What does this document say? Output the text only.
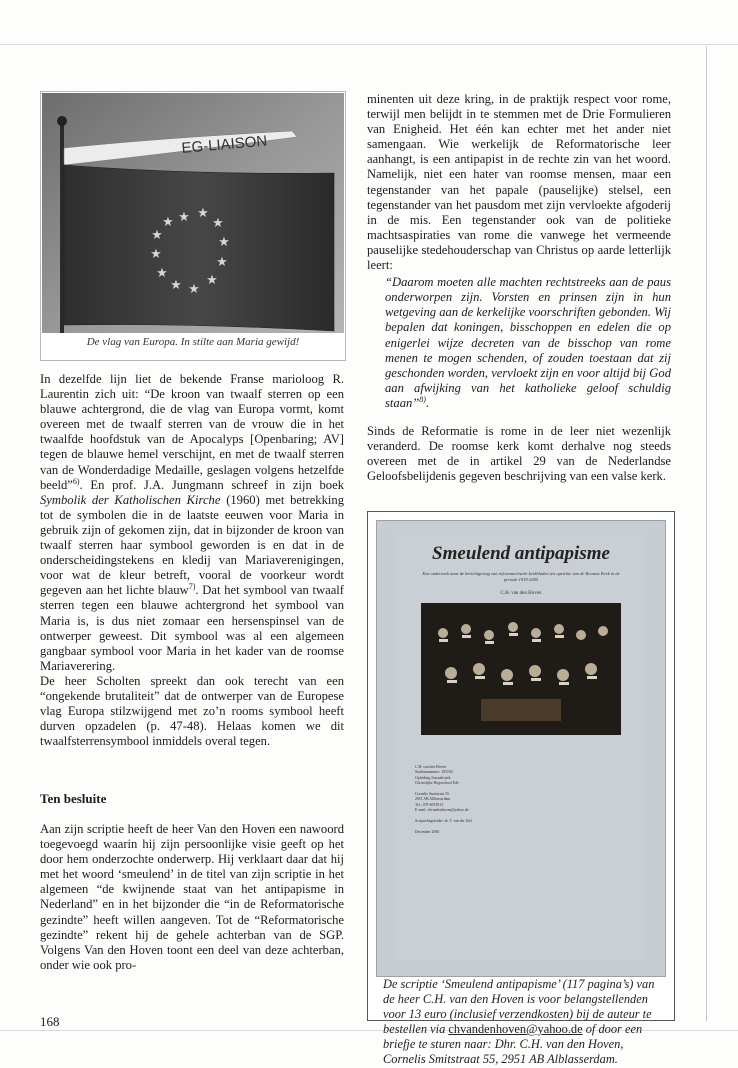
EG-LIAISON
★ ★
★
★
★
★
★
★
★
★
★
★
De vlag van Europa. In stilte aan Maria gewijd!

In dezelfde lijn liet de bekende Franse marioloog R. Laurentin zich uit: “De kroon van twaalf sterren op een blauwe achtergrond, die de vlag van Europa vormt, komt overeen met de twaalf sterren van de vrouw die in het twaalfde hoofdstuk van de Apocalyps [Openbaring; AV] tegen de blauwe hemel verschijnt, en met de twaalf sterren van de Wonderdadige Medaille, geslagen volgens hetzelfde beeld”$^{6)}$. En prof. J.A. Jungmann schreef in zijn boek Symbolik der Katholischen Kirche (1960) met betrekking tot de symbolen die in de laatste eeuwen voor Maria in gebruik zijn of gekomen zijn, dat in bijzonder de kroon van twaalf sterren haar symbool geworden is en dat in de onderscheidingstekens en kledij van Mariaverenigingen, voor wat de kleur betreft, vooral de voorkeur wordt gegeven aan het lichte blauw$^{7)}$. Dat het symbool van twaalf sterren tegen een blauwe achtergrond het symbool van Maria is, is dus niet zomaar een hersenspinsel van de ontwerper geweest. Dit symbool was al een algemeen gangbaar symbool voor Maria in het kader van de roomse Mariaverering.

De heer Scholten spreekt dan ook terecht van een “ongekende brutaliteit” dat de ontwerper van de Europese vlag Europa stilzwijgend met zo’n rooms symbool heeft durven opzadelen (p. 47-48). Helaas komen we dit twaalfsterrensymbool inmiddels overal tegen.

Ten besluite

Aan zijn scriptie heeft de heer Van den Hoven een nawoord toegevoegd waarin hij zijn persoonlijke visie geeft op het door hem onderzochte onderwerp. Hij verklaart daar dat hij met het woord ‘smeulend’ in de titel van zijn scriptie in het algemeen “de kwijnende staat van het antipapisme in Nederland” en in het bijzonder die “in de Reformatorische gezindte” heeft willen aangeven. Tot de “Reformatorische gezindte” rekent hij de gehele achterban van de SGP. Volgens Van den Hoven toont een deel van deze achterban, onder wie ook pro-

minenten uit deze kring, in de praktijk respect voor rome, terwijl men belijdt in te stemmen met de Drie Formulieren van Enigheid. Het één kan echter met het ander niet samengaan. Wie werkelijk de Reformatorische leer aanhangt, is een antipapist in de rechte zin van het woord. Namelijk, niet een hater van roomse mensen, maar een tegenstander van het papale (pauselijke) stelsel, een tegenstander van het pausdom met zijn vervloekte afgoderij in de mis. Een tegenstander ook van de politieke machtsaspiraties van rome die vanwege het vermeende pauselijke stedehouderschap van Christus op aarde letterlijk leert:

“Daarom moeten alle machten rechtstreeks aan de paus onderworpen zijn. Vorsten en prinsen zijn in hun wetgeving aan de kerkelijke voorschriften gebonden. Wij bepalen dat koningen, bisschoppen en edelen die op enigerlei wijze decreten van de bisschop van rome menen te mogen schenden, of zouden toestaan dat zij geschonden worden, vervloekt zijn en voor altijd bij God aan afwijking van het katholieke geloof schuldig staan”$^{8)}$.

Sinds de Reformatie is rome in de leer niet wezenlijk veranderd. De roomse kerk komt derhalve nog steeds overeen met de in artikel 29 van de Nederlandse Geloofsbelijdenis gegeven beschrijving van een valse kerk.

Smeulend antipapisme
Een onderzoek naar de berichtgeving van reformatorische kerkbladen ten opzichte van de Roomse Kerk in de periode 1919-2005
C.H. van den Hoven
C.H. van den Hoven
Studentnummer: 103193
Opleiding Journalistiek
Christelijke Hogeschool Ede

Cornelis Smitstraat 55
2951 AB Alblasserdam
Tel.: 078-6913913
E-mail: chvandenhoven@yahoo.de

Scriptiebegeleider: dr. T. van der Ziel

December 2006
De scriptie ‘Smeulend antipapisme’ (117 pagina’s) van de heer C.H. van den Hoven is voor belangstellenden voor 13 euro (inclusief verzendkosten) bij de auteur te bestellen via chvandenhoven@yahoo.de of door een briefje te sturen naar: Dhr. C.H. van den Hoven, Cornelis Smitstraat 55, 2951 AB Alblasserdam.
168
